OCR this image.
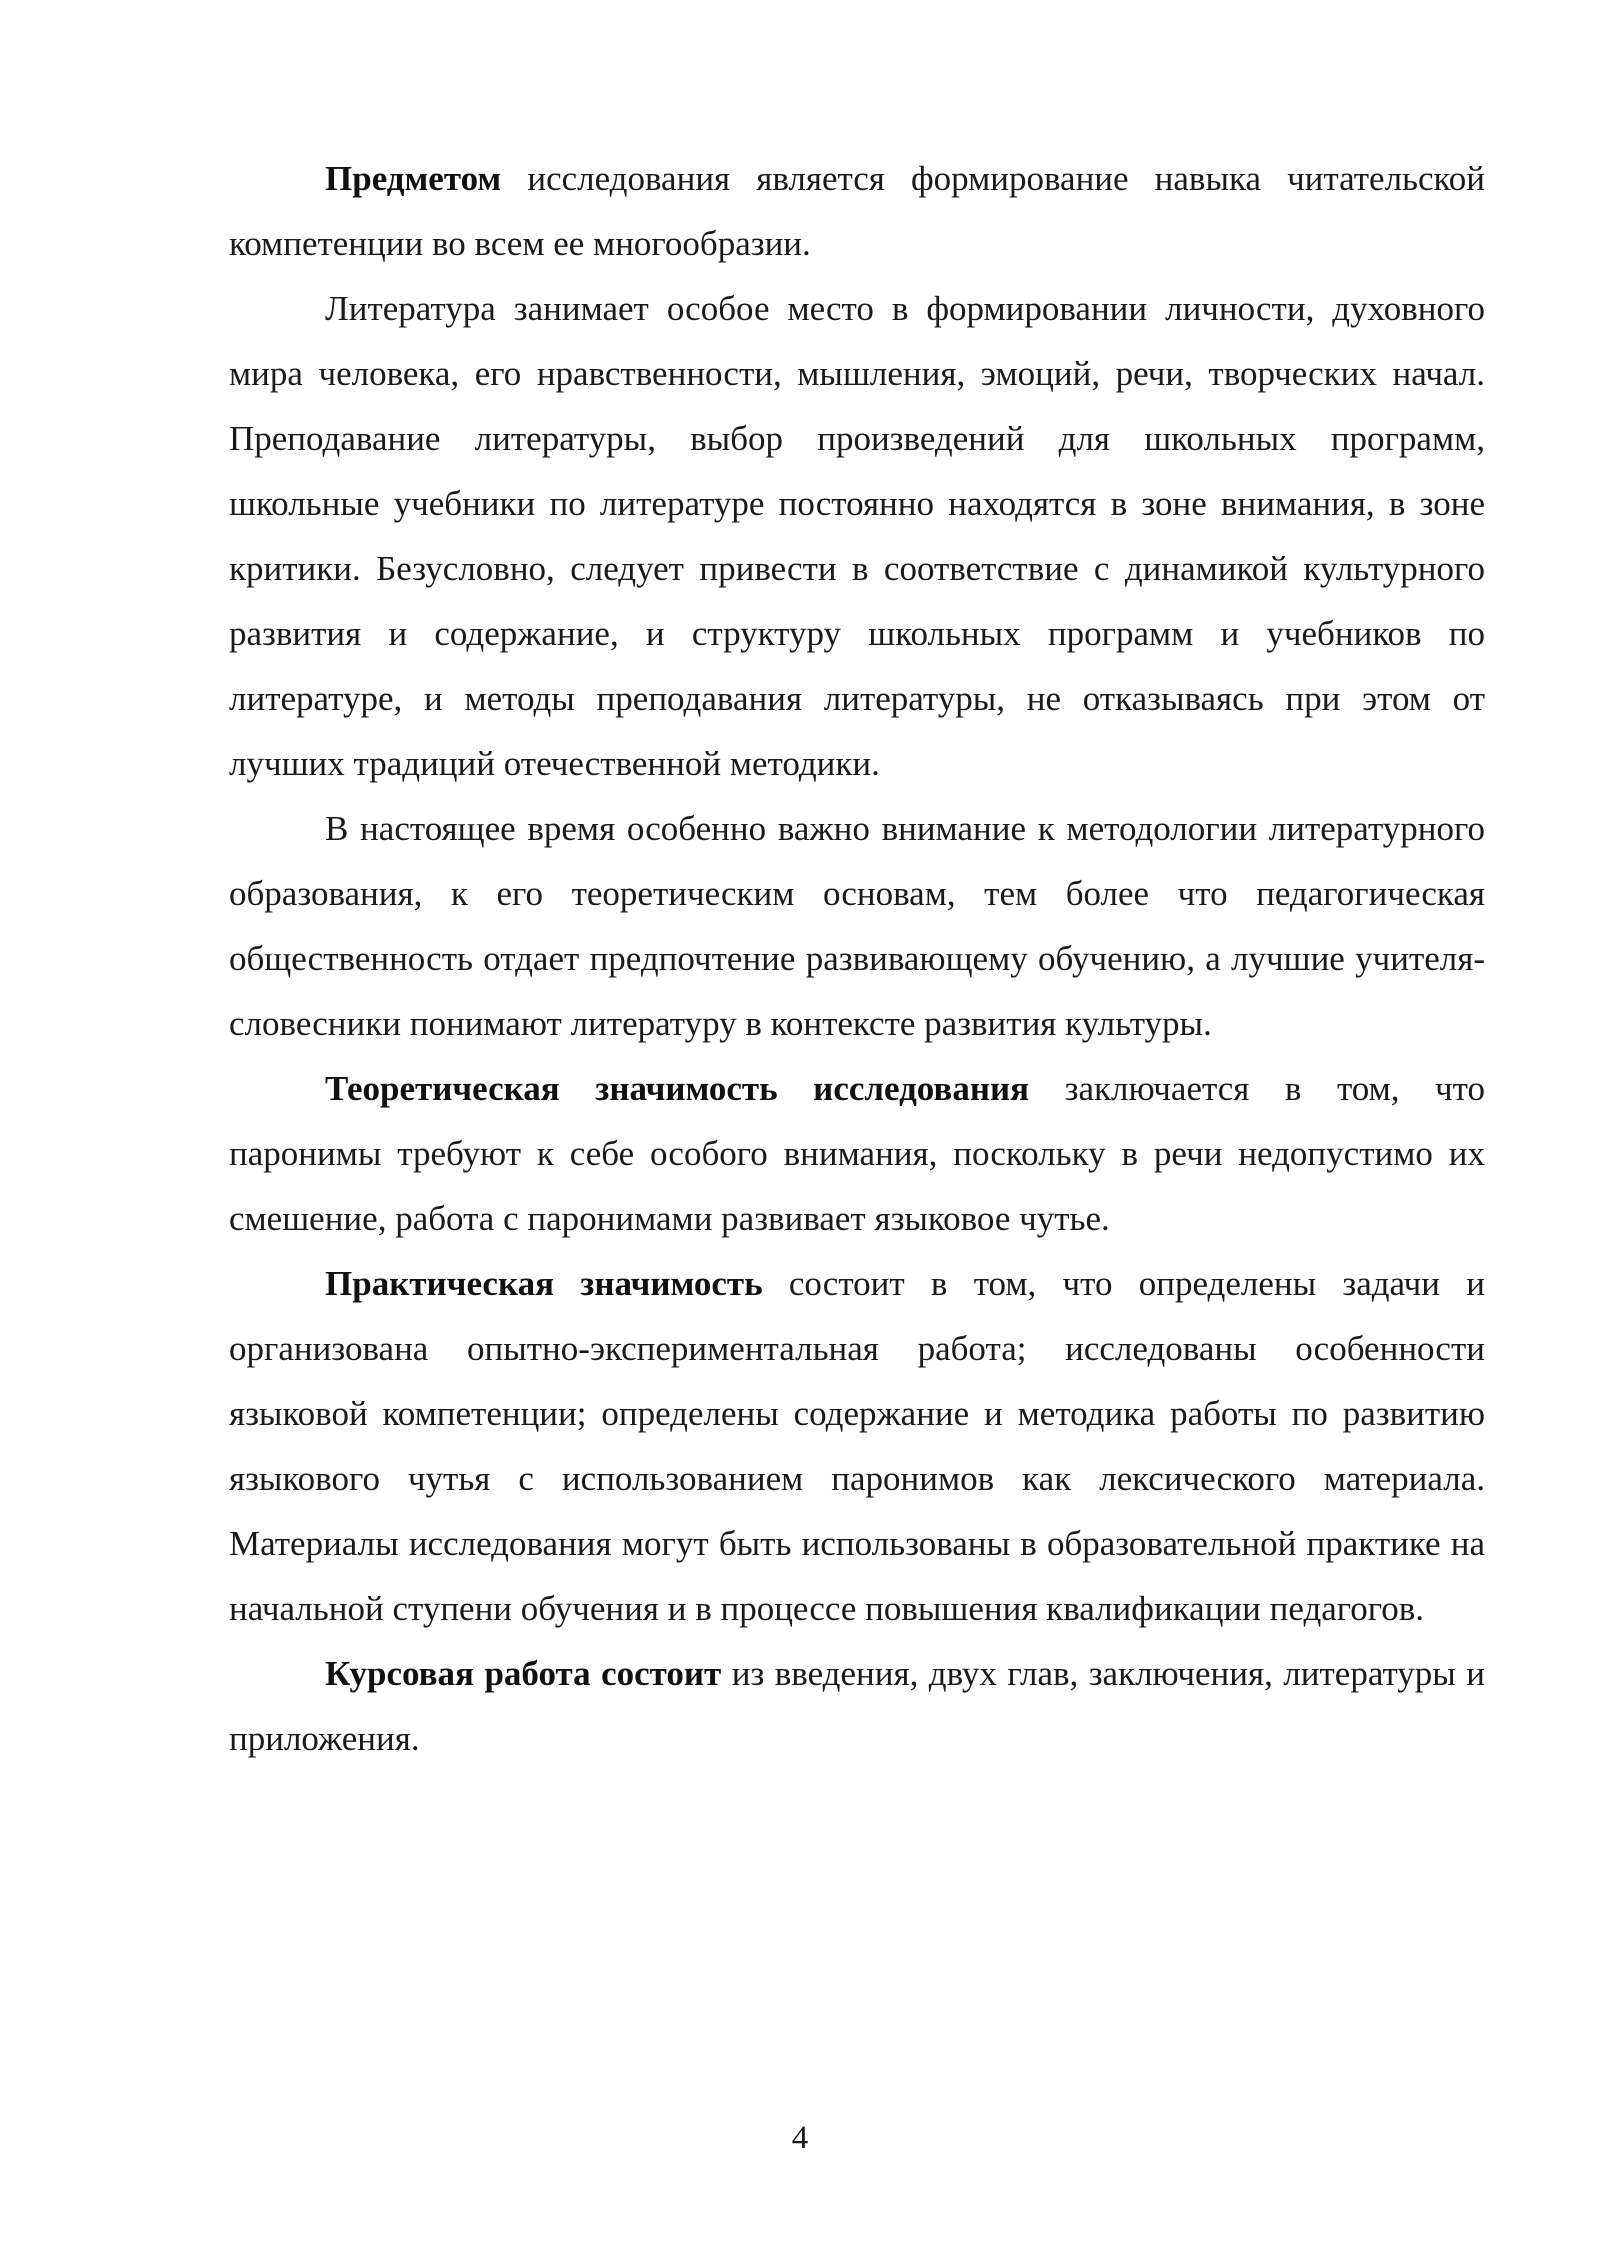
Предметом исследования является формирование навыка читательской компетенции во всем ее многообразии.

Литература занимает особое место в формировании личности, духовного мира человека, его нравственности, мышления, эмоций, речи, творческих начал. Преподавание литературы, выбор произведений для школьных программ, школьные учебники по литературе постоянно находятся в зоне внимания, в зоне критики. Безусловно, следует привести в соответствие с динамикой культурного развития и содержание, и структуру школьных программ и учебников по литературе, и методы преподавания литературы, не отказываясь при этом от лучших традиций отечественной методики.

В настоящее время особенно важно внимание к методологии литературного образования, к его теоретическим основам, тем более что педагогическая общественность отдает предпочтение развивающему обучению, а лучшие учителя-словесники понимают литературу в контексте развития культуры.

Теоретическая значимость исследования заключается в том, что паронимы требуют к себе особого внимания, поскольку в речи недопустимо их смешение, работа с паронимами развивает языковое чутье.

Практическая значимость состоит в том, что определены задачи и организована опытно-экспериментальная работа; исследованы особенности языковой компетенции; определены содержание и методика работы по развитию языкового чутья с использованием паронимов как лексического материала. Материалы исследования могут быть использованы в образовательной практике на начальной ступени обучения и в процессе повышения квалификации педагогов.

Курсовая работа состоит из введения, двух глав, заключения, литературы и приложения.

4
